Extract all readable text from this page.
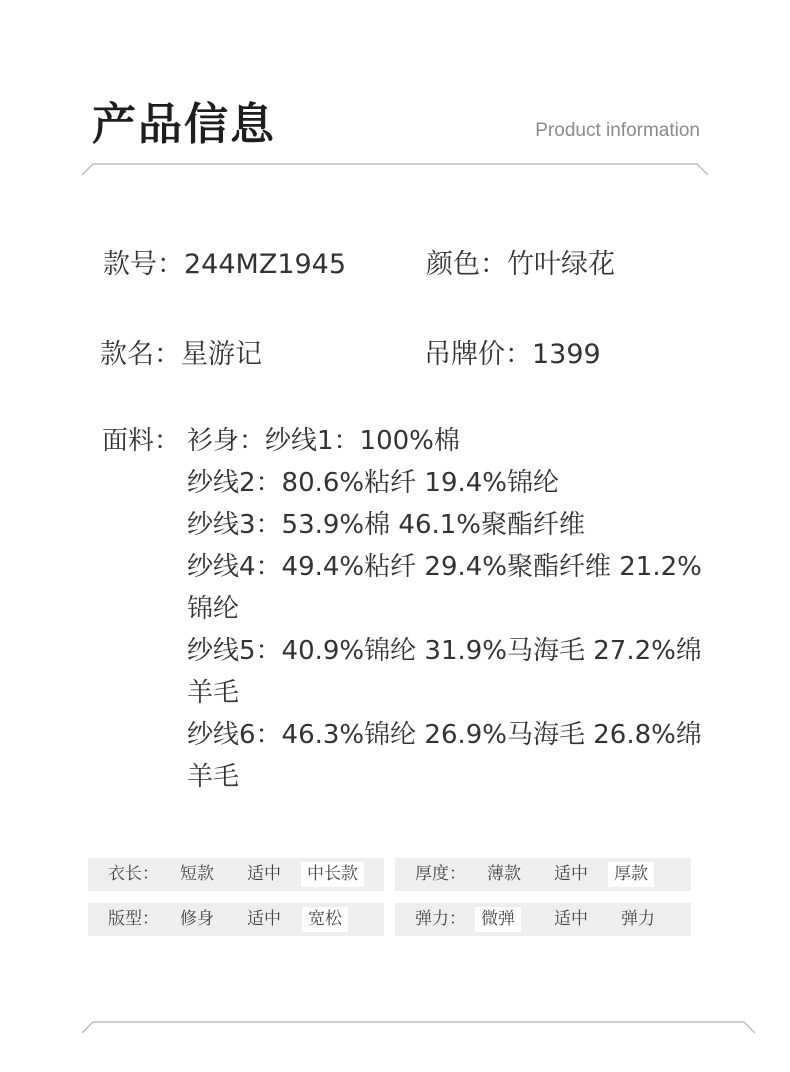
产品信息	Product information
款号：244MZ1945	颜色：竹叶绿花
款名：星游记	吊牌价：1399
面料： 衫身：纱线1：100%棉
纱线2：80.6%粘纤 19.4%锦纶
纱线3：53.9%棉 46.1%聚酯纤维
纱线4：49.4%粘纤 29.4%聚酯纤维 21.2%锦纶
纱线5：40.9%锦纶 31.9%马海毛 27.2%绵羊毛
纱线6：46.3%锦纶 26.9%马海毛 26.8%绵羊毛
衣长： 短款 适中	中长款	厚度： 薄款 适中	厚款
版型： 修身 适中	宽松	弹力： 微弹	适中 弹力
